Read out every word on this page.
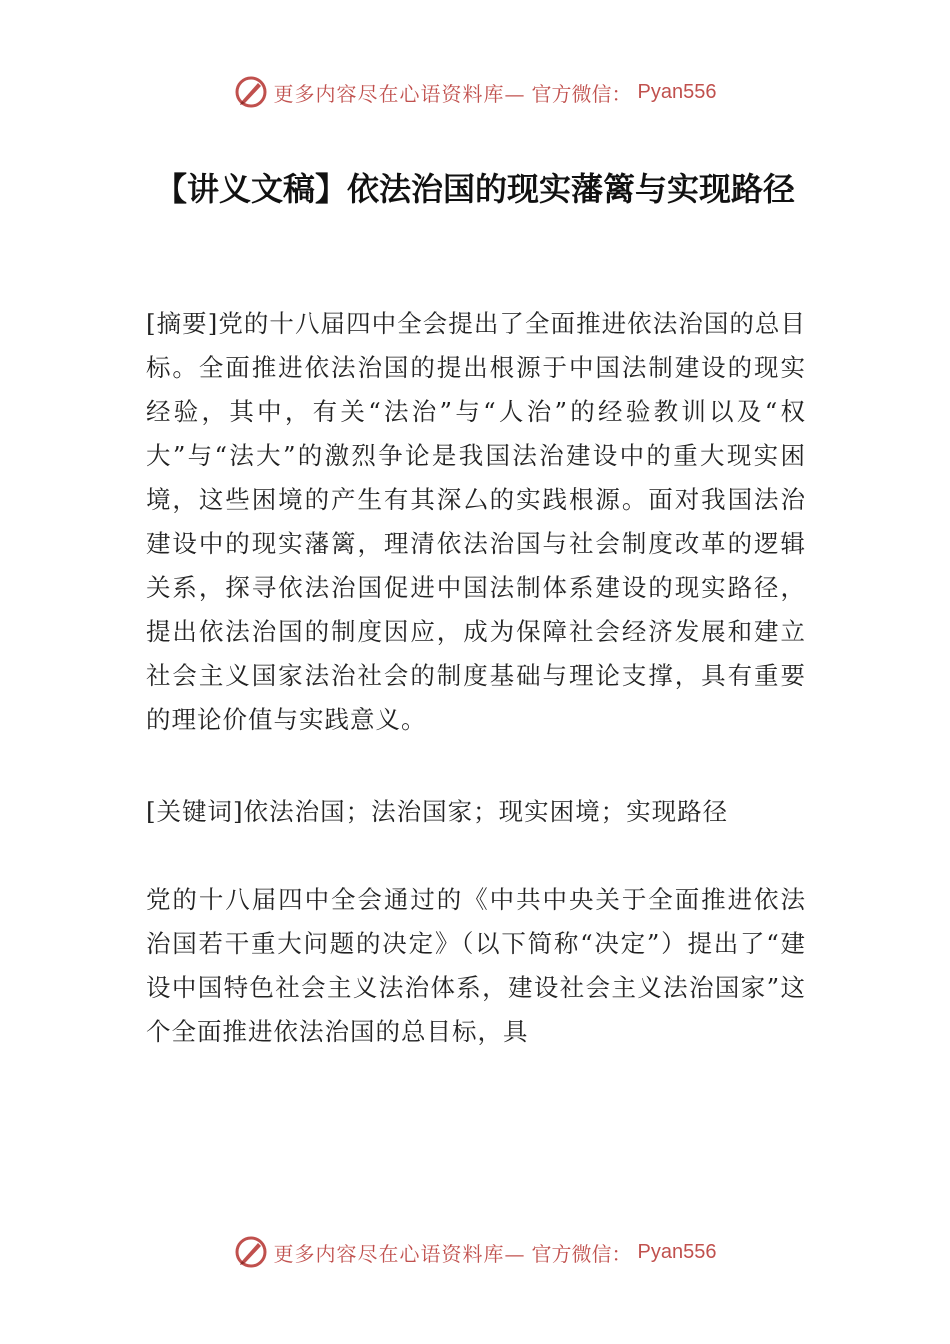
更多内容尽在心语资料库— 官方微信： Pyan556
【讲义文稿】依法治国的现实藩篱与实现路径

[摘要]党的十八届四中全会提出了全面推进依法治国的总目标。全面推进依法治国的提出根源于中国法制建设的现实经验，其中，有关“法治”与“人治”的经验教训以及“权大”与“法大”的激烈争论是我国法治建设中的重大现实困境，这些困境的产生有其深厶的实践根源。面对我国法治建设中的现实藩篱，理清依法治国与社会制度改革的逻辑关系，探寻依法治国促进中国法制体系建设的现实路径，提出依法治国的制度因应，成为保障社会经济发展和建立社会主义国家法治社会的制度基础与理论支撑，具有重要的理论价值与实践意义。

[关键词]依法治国；法治国家；现实困境；实现路径

党的十八届四中全会通过的《中共中央关于全面推进依法治国若干重大问题的决定》（以下简称“决定”）提出了“建设中国特色社会主义法治体系，建设社会主义法治国家”这个全面推进依法治国的总目标，具

更多内容尽在心语资料库— 官方微信： Pyan556
